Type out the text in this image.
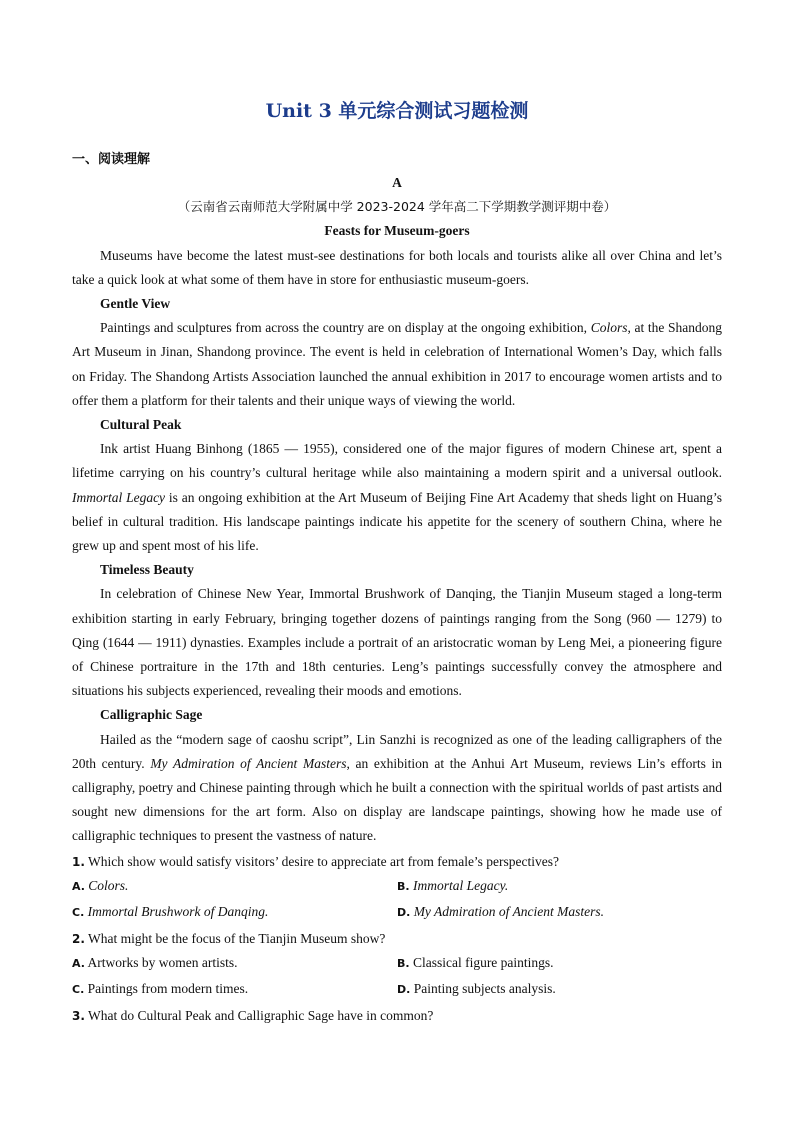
Unit 3 单元综合测试习题检测
一、阅读理解
A
（云南省云南师范大学附属中学 2023-2024 学年高二下学期教学测评期中卷）
Feasts for Museum-goers

Museums have become the latest must-see destinations for both locals and tourists alike all over China and let’s take a quick look at what some of them have in store for enthusiastic museum-goers.

Gentle View

Paintings and sculptures from across the country are on display at the ongoing exhibition, Colors, at the Shandong Art Museum in Jinan, Shandong province. The event is held in celebration of International Women’s Day, which falls on Friday. The Shandong Artists Association launched the annual exhibition in 2017 to encourage women artists and to offer them a platform for their talents and their unique ways of viewing the world.

Cultural Peak

Ink artist Huang Binhong (1865 — 1955), considered one of the major figures of modern Chinese art, spent a lifetime carrying on his country’s cultural heritage while also maintaining a modern spirit and a universal outlook. Immortal Legacy is an ongoing exhibition at the Art Museum of Beijing Fine Art Academy that sheds light on Huang’s belief in cultural tradition. His landscape paintings indicate his appetite for the scenery of southern China, where he grew up and spent most of his life.

Timeless Beauty

In celebration of Chinese New Year, Immortal Brushwork of Danqing, the Tianjin Museum staged a long-term exhibition starting in early February, bringing together dozens of paintings ranging from the Song (960 — 1279) to Qing (1644 — 1911) dynasties. Examples include a portrait of an aristocratic woman by Leng Mei, a pioneering figure of Chinese portraiture in the 17th and 18th centuries. Leng’s paintings successfully convey the atmosphere and situations his subjects experienced, revealing their moods and emotions.

Calligraphic Sage

Hailed as the “modern sage of caoshu script”, Lin Sanzhi is recognized as one of the leading calligraphers of the 20th century. My Admiration of Ancient Masters, an exhibition at the Anhui Art Museum, reviews Lin’s efforts in calligraphy, poetry and Chinese painting through which he built a connection with the spiritual worlds of past artists and sought new dimensions for the art form. Also on display are landscape paintings, showing how he made use of calligraphic techniques to present the vastness of nature.

1. Which show would satisfy visitors’ desire to appreciate art from female’s perspectives?

A. Colors.	B. Immortal Legacy.
C. Immortal Brushwork of Danqing.	D. My Admiration of Ancient Masters.

2. What might be the focus of the Tianjin Museum show?

A. Artworks by women artists.	B. Classical figure paintings.
C. Paintings from modern times.	D. Painting subjects analysis.

3. What do Cultural Peak and Calligraphic Sage have in common?
